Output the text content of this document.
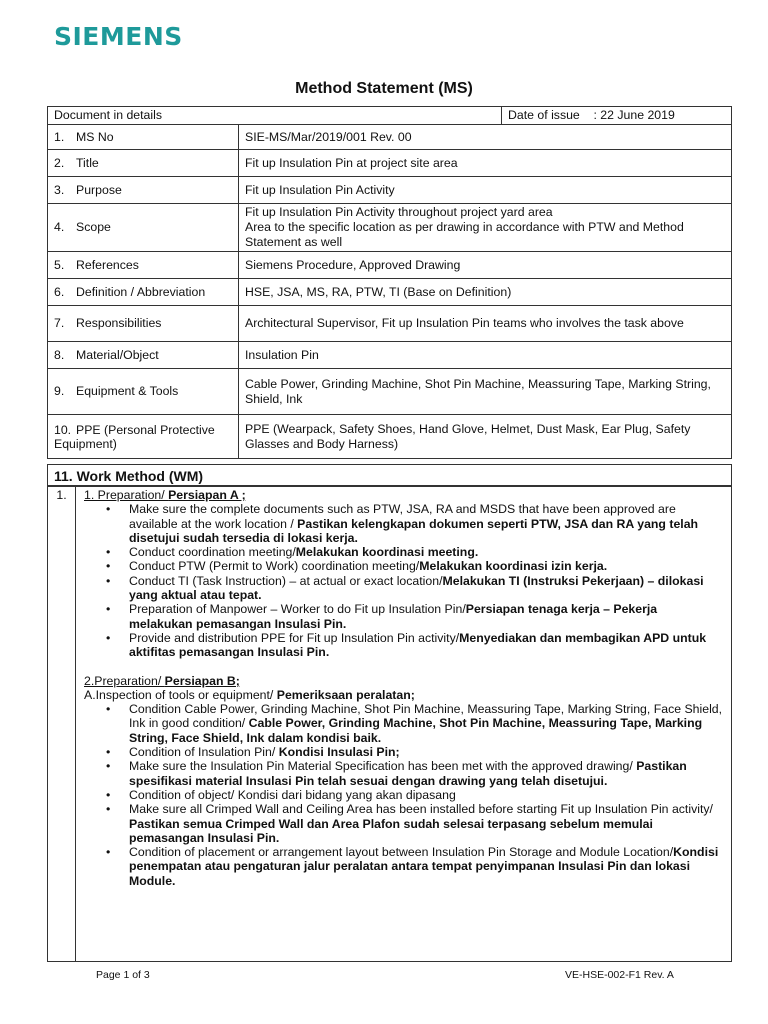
SIEMENS
Method Statement (MS)
Document in details		Date of issue : 22 June 2019
1. MS No	SIE-MS/Mar/2019/001 Rev. 00	

2. Title	Fit up Insulation Pin at project site area	

3. Purpose	Fit up Insulation Pin Activity	

4. Scope	Fit up Insulation Pin Activity throughout project yard area
Area to the specific location as per drawing in accordance with PTW and Method Statement as well	

5. References	Siemens Procedure, Approved Drawing	

6. Definition / Abbreviation	HSE, JSA, MS, RA, PTW, TI (Base on Definition)	

7. Responsibilities	Architectural Supervisor, Fit up Insulation Pin teams who involves the task above	

8. Material/Object	Insulation Pin	

9. Equipment & Tools	Cable Power, Grinding Machine, Shot Pin Machine, Meassuring Tape, Marking String, Shield, Ink	

10. PPE (Personal Protective Equipment)	PPE (Wearpack, Safety Shoes, Hand Glove, Helmet, Dust Mask, Ear Plug, Safety Glasses and Body Harness)	
11. Work Method (WM)
1.	1. Preparation/ Persiapan A ;

• Make sure the complete documents such as PTW, JSA, RA and MSDS that have been approved are available at the work location / Pastikan kelengkapan dokumen seperti PTW, JSA dan RA yang telah disetujui sudah tersedia di lokasi kerja.
• Conduct coordination meeting/Melakukan koordinasi meeting.
• Conduct PTW (Permit to Work) coordination meeting/Melakukan koordinasi izin kerja.
• Conduct TI (Task Instruction) – at actual or exact location/Melakukan TI (Instruksi Pekerjaan) – dilokasi yang aktual atau tepat.
• Preparation of Manpower – Worker to do Fit up Insulation Pin/Persiapan tenaga kerja – Pekerja melakukan pemasangan Insulasi Pin.
• Provide and distribution PPE for Fit up Insulation Pin activity/Menyediakan dan membagikan APD untuk aktifitas pemasangan Insulasi Pin.

2.Preparation/ Persiapan B;

A.Inspection of tools or equipment/ Pemeriksaan peralatan;

• Condition Cable Power, Grinding Machine, Shot Pin Machine, Meassuring Tape, Marking String, Face Shield, Ink in good condition/ Cable Power, Grinding Machine, Shot Pin Machine, Meassuring Tape, Marking String, Face Shield, Ink dalam kondisi baik.
• Condition of Insulation Pin/ Kondisi Insulasi Pin;
• Make sure the Insulation Pin Material Specification has been met with the approved drawing/ Pastikan spesifikasi material Insulasi Pin telah sesuai dengan drawing yang telah disetujui.
• Condition of object/ Kondisi dari bidang yang akan dipasang
• Make sure all Crimped Wall and Ceiling Area has been installed before starting Fit up Insulation Pin activity/ Pastikan semua Crimped Wall dan Area Plafon sudah selesai terpasang sebelum memulai pemasangan Insulasi Pin.
• Condition of placement or arrangement layout between Insulation Pin Storage and Module Location/Kondisi penempatan atau pengaturan jalur peralatan antara tempat penyimpanan Insulasi Pin dan lokasi Module.
Page 1 of 3	VE-HSE-002-F1 Rev. A
